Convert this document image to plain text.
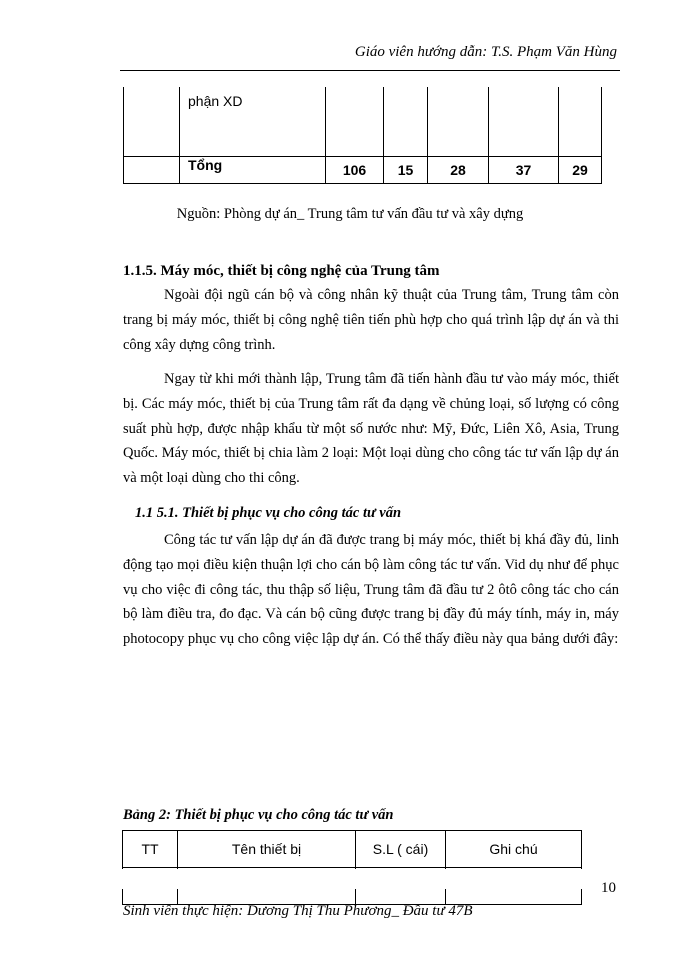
Giáo viên hướng dẫn: T.S. Phạm Văn Hùng
	phận XD					
	Tổng	106	15	28	37	29
Nguồn: Phòng dự án_ Trung tâm tư vấn đầu tư và xây dựng
1.1.5. Máy móc, thiết bị công nghệ của Trung tâm
Ngoài đội ngũ cán bộ và công nhân kỹ thuật của Trung tâm, Trung tâm còn trang bị máy móc, thiết bị công nghệ tiên tiến phù hợp cho quá trình lập dự án và thi công xây dựng công trình.
Ngay từ khi mới thành lập, Trung tâm đã tiến hành đầu tư vào máy móc, thiết bị. Các máy móc, thiết bị của Trung tâm rất đa dạng về chủng loại, số lượng có công suất phù hợp, được nhập khẩu từ một số nước như: Mỹ, Đức, Liên Xô, Asia, Trung Quốc. Máy móc, thiết bị chia làm 2 loại: Một loại dùng cho công tác tư vấn lập dự án và một loại dùng cho thi công.
1.1 5.1. Thiết bị phục vụ cho công tác tư vấn
Công tác tư vấn lập dự án đã được trang bị máy móc, thiết bị khá đầy đủ, linh động tạo mọi điều kiện thuận lợi cho cán bộ làm công tác tư vấn. Vid dụ như để phục vụ cho việc đi công tác, thu thập số liệu, Trung tâm đã đầu tư 2 ôtô công tác cho cán bộ làm điều tra, đo đạc. Và cán bộ cũng được trang bị đầy đủ máy tính, máy in, máy photocopy phục vụ cho công việc lập dự án. Có thể thấy điều này qua bảng dưới đây:
Bảng 2: Thiết bị phục vụ cho công tác tư vấn
TT	Tên thiết bị	S.L ( cái)	Ghi chú

10
Sinh viên thực hiện: Dương Thị Thu Phương_ Đầu tư 47B
